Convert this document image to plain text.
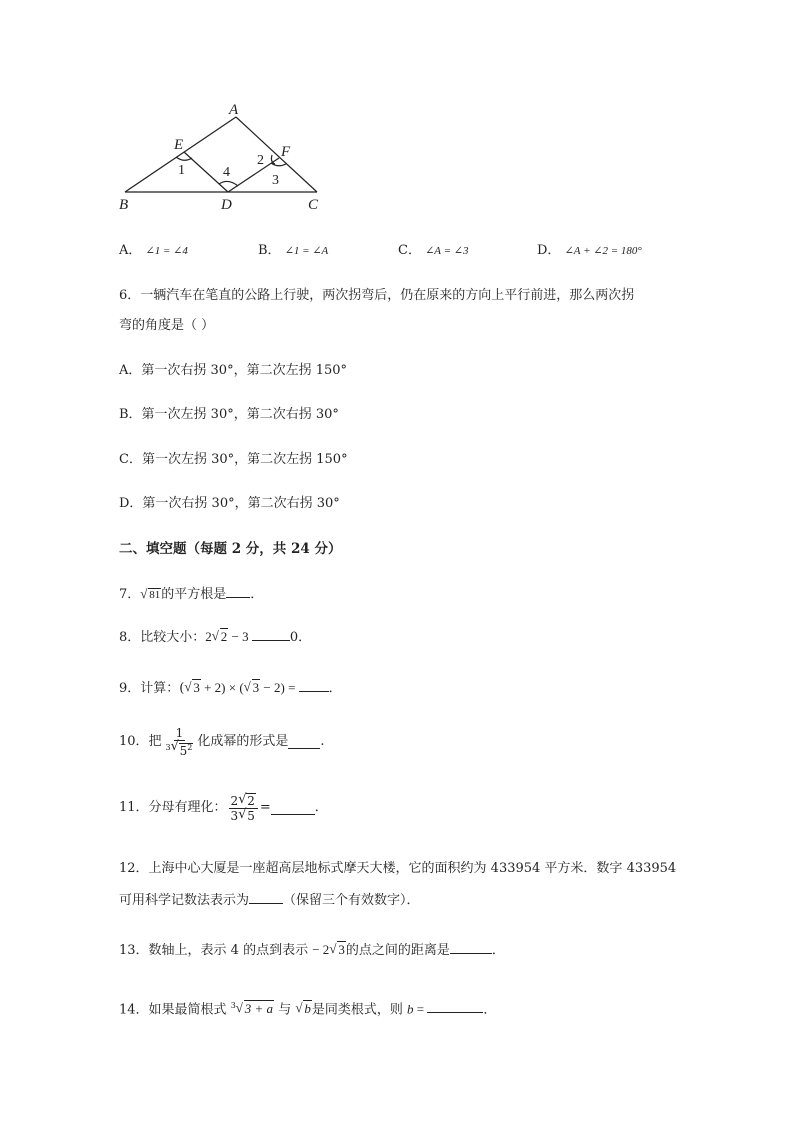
A
B	C
D
E	F
1	4
2
3
A． ∠1 = ∠4	B． ∠1 = ∠A	C． ∠A = ∠3	D． ∠A + ∠2 = 180°
6．一辆汽车在笔直的公路上行驶，两次拐弯后，仍在原来的方向上平行前进，那么两次拐
弯的角度是（ ）
A．第一次右拐 30°，第二次左拐 150°
B．第一次左拐 30°，第二次右拐 30°
C．第一次左拐 30°，第二次左拐 150°
D．第一次右拐 30°，第二次右拐 30°
二、填空题（每题 2 分，共 24 分）
7． √ 81的平方根是 ．
8．比较大小：2 √ 2 − 3	0．
9．计算：( √ 3 + 2) × ( √ 3 − 2) = ．
10．把 $\frac{1}{^3 √ 5^2}$ 化成幂的形式是 .
11．分母有理化： $\frac{2 √ 2}{3 √ 5}$ =	．
12．上海中心大厦是一座超高层地标式摩天大楼，它的面积约为 433954 平方米．数字 433954
可用科学记数法表示为	（保留三个有效数字）．
13．数轴上，表示 4 的点到表示 − 2 √ 3的点之间的距离是	．
14．如果最简根式 $^3$ √ 3 + a 与 √ b是同类根式，则 b =	．
